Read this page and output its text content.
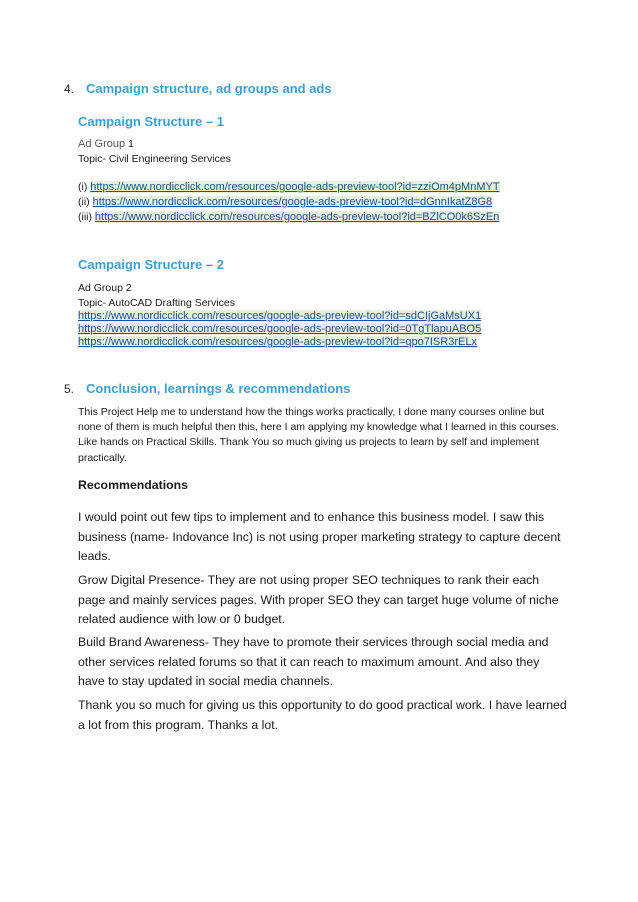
4. Campaign structure, ad groups and ads
Campaign Structure – 1
Ad Group 1
Topic- Civil Engineering Services
(i) https://www.nordicclick.com/resources/google-ads-preview-tool?id=zziOm4pMnMYT
(ii) https://www.nordicclick.com/resources/google-ads-preview-tool?id=dGnnIkatZ8G8
(iii) https://www.nordicclick.com/resources/google-ads-preview-tool?id=BZlCO0k6SzEn
Campaign Structure – 2
Ad Group 2
Topic- AutoCAD Drafting Services
https://www.nordicclick.com/resources/google-ads-preview-tool?id=sdCIjGaMsUX1
https://www.nordicclick.com/resources/google-ads-preview-tool?id=0TgTlapuABO5
https://www.nordicclick.com/resources/google-ads-preview-tool?id=qpo7ISR3rELx
5. Conclusion, learnings & recommendations

This Project Help me to understand how the things works practically, I done many courses online but none of them is much helpful then this, here I am applying my knowledge what I learned in this courses. Like hands on Practical Skills. Thank You so much giving us projects to learn by self and implement practically.

Recommendations

I would point out few tips to implement and to enhance this business model. I saw this business (name- Indovance Inc) is not using proper marketing strategy to capture decent leads.

Grow Digital Presence- They are not using proper SEO techniques to rank their each page and mainly services pages. With proper SEO they can target huge volume of niche related audience with low or 0 budget.

Build Brand Awareness- They have to promote their services through social media and other services related forums so that it can reach to maximum amount. And also they have to stay updated in social media channels.

Thank you so much for giving us this opportunity to do good practical work. I have learned a lot from this program. Thanks a lot.
